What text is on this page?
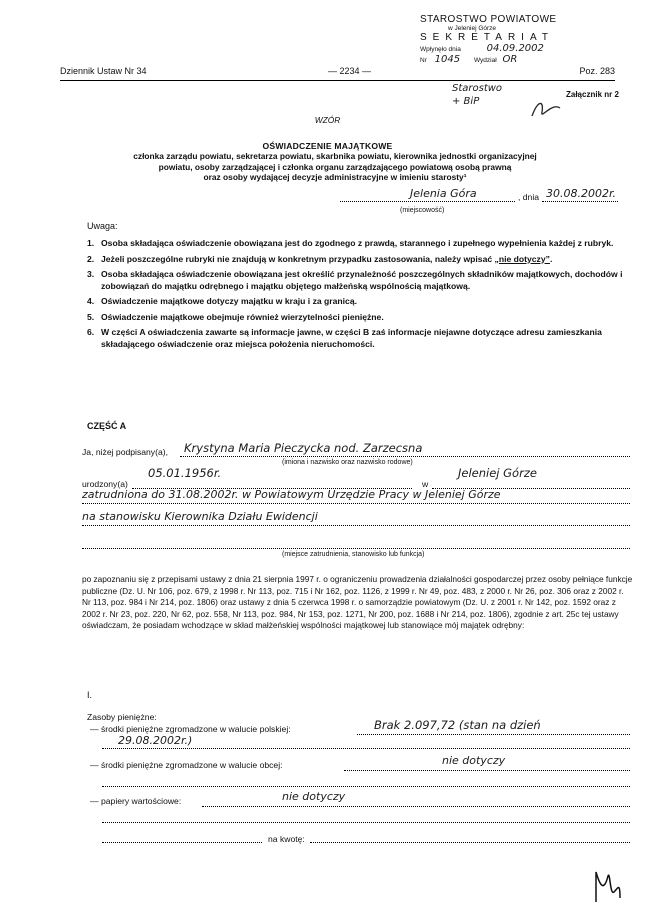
STAROSTWO POWIATOWE
w Jeleniej Górze
SEKRETARIAT
Wpłynęło dnia	04.09.2002
Nr 1045 Wydział OR
Dziennik Ustaw Nr 34	— 2234 —	Poz. 283
Starostwo
+ BiP
Załącznik nr 2
WZÓR
OŚWIADCZENIE MAJĄTKOWE
członka zarządu powiatu, sekretarza powiatu, skarbnika powiatu, kierownika jednostki organizacyjnej
powiatu, osoby zarządzającej i członka organu zarządzającego powiatową osobą prawną
oraz osoby wydającej decyzje administracyjne w imieniu starosty¹
Jelenia Góra	, dnia 30.08.2002r.
(miejscowość)
Uwaga:
1. Osoba składająca oświadczenie obowiązana jest do zgodnego z prawdą, starannego i zupełnego wypełnienia każdej z rubryk.
2. Jeżeli poszczególne rubryki nie znajdują w konkretnym przypadku zastosowania, należy wpisać „nie dotyczy”.
3. Osoba składająca oświadczenie obowiązana jest określić przynależność poszczególnych składników majątkowych, dochodów i zobowiązań do majątku odrębnego i majątku objętego małżeńską wspólnością majątkową.
4. Oświadczenie majątkowe dotyczy majątku w kraju i za granicą.
5. Oświadczenie majątkowe obejmuje również wierzytelności pieniężne.
6. W części A oświadczenia zawarte są informacje jawne, w części B zaś informacje niejawne dotyczące adresu zamieszkania składającego oświadczenie oraz miejsca położenia nieruchomości.
CZĘŚĆ A
Ja, niżej podpisany(a), Krystyna Maria Pieczycka nod. Zarzecsna
(imiona i nazwisko oraz nazwisko rodowe)
urodzony(a)
05.01.1956r.
w
Jeleniej Górze
zatrudniona do 31.08.2002r. w Powiatowym Urzędzie Pracy w Jeleniej Górze
na stanowisku Kierownika Działu Ewidencji
(miejsce zatrudnienia, stanowisko lub funkcja)
po zapoznaniu się z przepisami ustawy z dnia 21 sierpnia 1997 r. o ograniczeniu prowadzenia działalności gospodarczej przez osoby pełniące funkcje publiczne (Dz. U. Nr 106, poz. 679, z 1998 r. Nr 113, poz. 715 i Nr 162, poz. 1126, z 1999 r. Nr 49, poz. 483, z 2000 r. Nr 26, poz. 306 oraz z 2002 r. Nr 113, poz. 984 i Nr 214, poz. 1806) oraz ustawy z dnia 5 czerwca 1998 r. o samorządzie powiatowym (Dz. U. z 2001 r. Nr 142, poz. 1592 oraz z 2002 r. Nr 23, poz. 220, Nr 62, poz. 558, Nr 113, poz. 984, Nr 153, poz. 1271, Nr 200, poz. 1688 i Nr 214, poz. 1806), zgodnie z art. 25c tej ustawy oświadczam, że posiadam wchodzące w skład małżeńskiej wspólności majątkowej lub stanowiące mój majątek odrębny:
I.
Zasoby pieniężne:
— środki pieniężne zgromadzone w walucie polskiej:	Brak 2.097,72 (stan na dzień
29.08.2002r.)
— środki pieniężne zgromadzone w walucie obcej:	nie dotyczy
— papiery wartościowe:	nie dotyczy
na kwotę:
